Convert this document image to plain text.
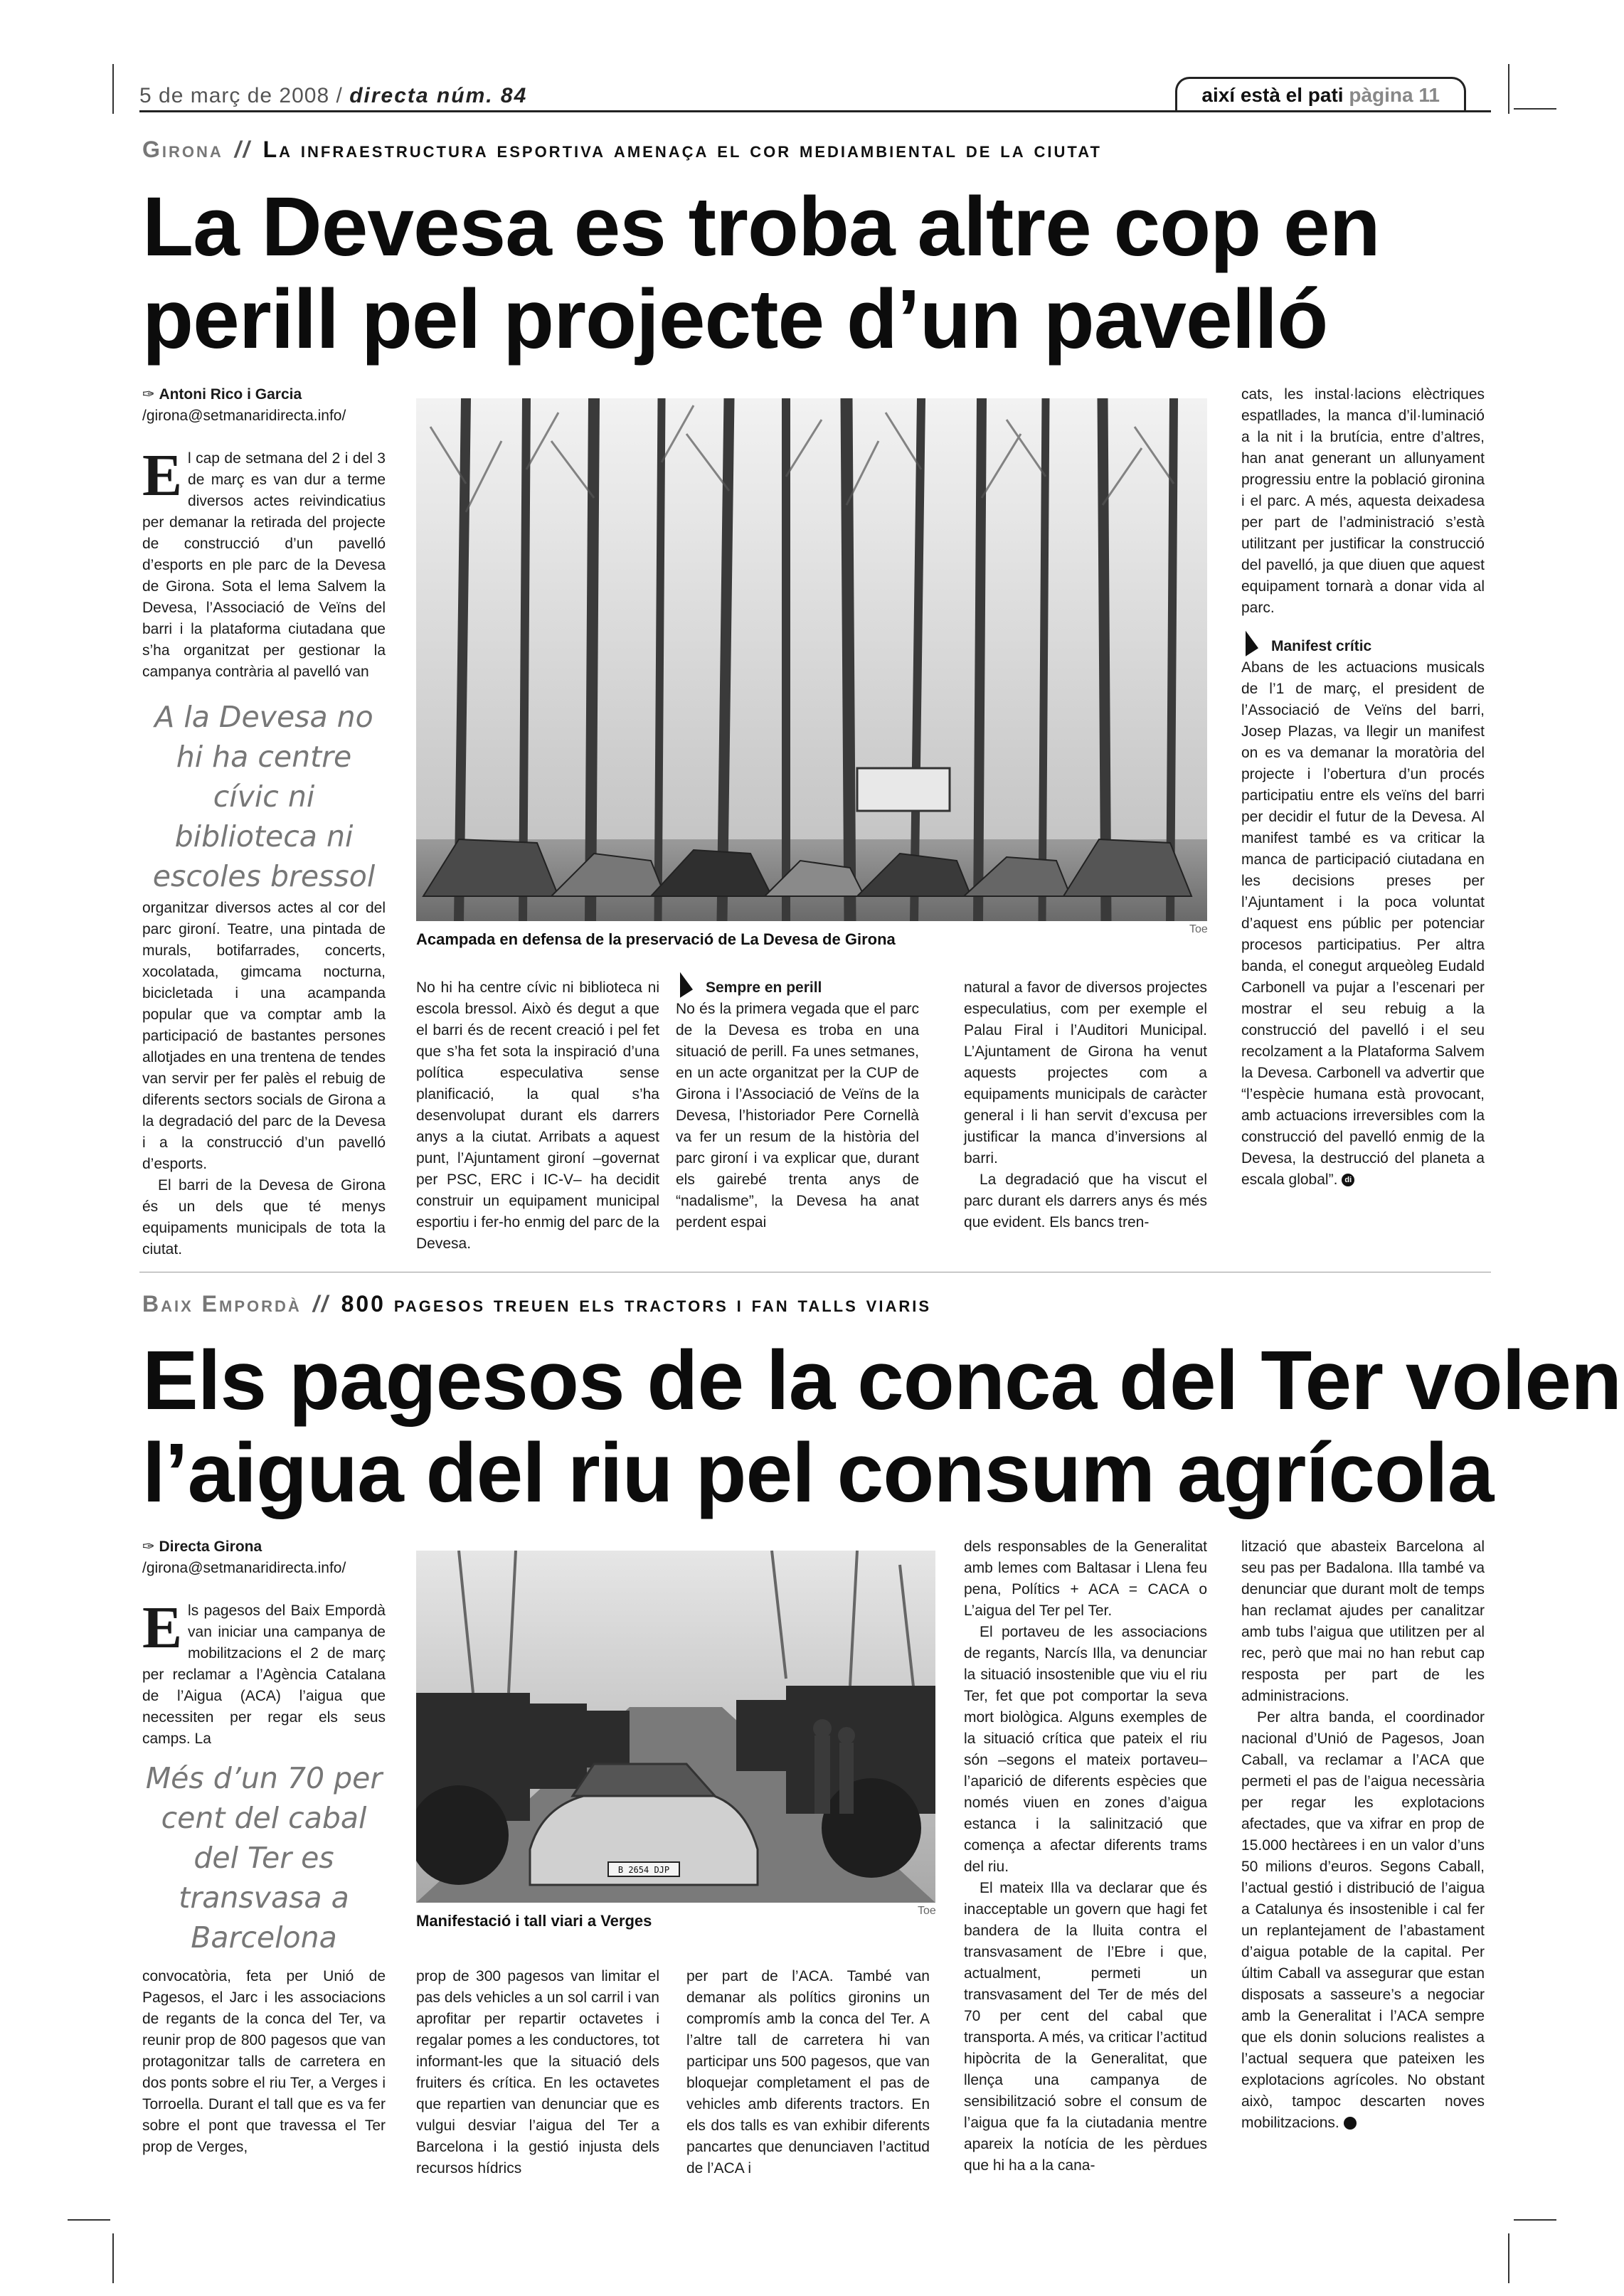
5 de març de 2008 / directa núm. 84	així està el pati pàgina 11
Girona // La infraestructura esportiva amenaça el cor mediambiental de la ciutat
La Devesa es troba altre cop en
perill pel projecte d’un pavelló
✑ Antoni Rico i Garcia
/girona@setmanaridirecta.info/

El cap de setmana del 2 i del 3 de març es van dur a terme diversos actes reivindicatius per demanar la retirada del projecte de construcció d’un pavelló d’esports en ple parc de la Devesa de Girona. Sota el lema Salvem la Devesa, l’Associació de Veïns del barri i la plataforma ciutadana que s’ha organitzat per gestionar la campanya contrària al pavelló van

A la Devesa no hi ha centre cívic ni biblioteca ni escoles bressol

organitzar diversos actes al cor del parc gironí. Teatre, una pintada de murals, botifarrades, concerts, xocolatada, gimcama nocturna, bicicletada i una acampanda popular que va comptar amb la participació de bastantes persones allotjades en una trentena de tendes van servir per fer palès el rebuig de diferents sectors socials de Girona a la degradació del parc de la Devesa i a la construcció d’un pavelló d’esports.

El barri de la Devesa de Girona és un dels que té menys equipaments municipals de tota la ciutat.

Acampada en defensa de la preservació de La Devesa de Girona
Toe

No hi ha centre cívic ni biblioteca ni escola bressol. Això és degut a que el barri és de recent creació i pel fet que s’ha fet sota la inspiració d’una política especulativa sense planificació, la qual s’ha desenvolupat durant els darrers anys a la ciutat. Arribats a aquest punt, l’Ajuntament gironí –governat per PSC, ERC i IC-V– ha decidit construir un equipament municipal esportiu i fer-ho enmig del parc de la Devesa.

Sempre en perill

No és la primera vegada que el parc de la Devesa es troba en una situació de perill. Fa unes setmanes, en un acte organitzat per la CUP de Girona i l’Associació de Veïns de la Devesa, l’historiador Pere Cornellà va fer un resum de la història del parc gironí i va explicar que, durant els gairebé trenta anys de “nadalisme”, la Devesa ha anat perdent espai

natural a favor de diversos projectes especulatius, com per exemple el Palau Firal i l’Auditori Municipal. L’Ajuntament de Girona ha venut aquests projectes com a equipaments municipals de caràcter general i li han servit d’excusa per justificar la manca d’inversions al barri.

La degradació que ha viscut el parc durant els darrers anys és més que evident. Els bancs tren-

cats, les instal·lacions elèctriques espatllades, la manca d’il·luminació a la nit i la brutícia, entre d’altres, han anat generant un allunyament progressiu entre la població gironina i el parc. A més, aquesta deixadesa per part de l’administració s’està utilitzant per justificar la construcció del pavelló, ja que diuen que aquest equipament tornarà a donar vida al parc.

Manifest crític

Abans de les actuacions musicals de l’1 de març, el president de l’Associació de Veïns del barri, Josep Plazas, va llegir un manifest on es va demanar la moratòria del projecte i l’obertura d’un procés participatiu entre els veïns del barri per decidir el futur de la Devesa. Al manifest també es va criticar la manca de participació ciutadana en les decisions preses per l’Ajuntament i la poca voluntat d’aquest ens públic per potenciar procesos participatius. Per altra banda, el conegut arqueòleg Eudald Carbonell va pujar a l’escenari per mostrar el seu rebuig a la construcció del pavelló i el seu recolzament a la Plataforma Salvem la Devesa. Carbonell va advertir que “l’espècie humana està provocant, amb actuacions irreversibles com la construcció del pavelló enmig de la Devesa, la destrucció del planeta a escala global”. di

Baix Empordà // 800 pagesos treuen els tractors i fan talls viaris
Els pagesos de la conca del Ter volen
l’aigua del riu pel consum agrícola
✑ Directa Girona
/girona@setmanaridirecta.info/

Els pagesos del Baix Empordà van iniciar una campanya de mobilitzacions el 2 de març per reclamar a l’Agència Catalana de l’Aigua (ACA) l’aigua que necessiten per regar els seus camps. La

Més d’un 70 per cent del cabal del Ter es transvasa a Barcelona

convocatòria, feta per Unió de Pagesos, el Jarc i les associacions de regants de la conca del Ter, va reunir prop de 800 pagesos que van protagonitzar talls de carretera en dos ponts sobre el riu Ter, a Verges i Torroella. Durant el tall que es va fer sobre el pont que travessa el Ter prop de Verges,

B 2654 DJP
Manifestació i tall viari a Verges
Toe

prop de 300 pagesos van limitar el pas dels vehicles a un sol carril i van aprofitar per repartir octavetes i regalar pomes a les conductores, tot informant-les que la situació dels fruiters és crítica. En les octavetes que repartien van denunciar que es vulgui desviar l’aigua del Ter a Barcelona i la gestió injusta dels recursos hídrics

per part de l’ACA. També van demanar als polítics gironins un compromís amb la conca del Ter. A l’altre tall de carretera hi van participar uns 500 pagesos, que van bloquejar completament el pas de vehicles amb diferents tractors. En els dos talls es van exhibir diferents pancartes que denunciaven l’actitud de l’ACA i

dels responsables de la Generalitat amb lemes com Baltasar i Llena feu pena, Polítics + ACA = CACA o L’aigua del Ter pel Ter.

El portaveu de les associacions de regants, Narcís Illa, va denunciar la situació insostenible que viu el riu Ter, fet que pot comportar la seva mort biològica. Alguns exemples de la situació crítica que pateix el riu són –segons el mateix portaveu– l’aparició de diferents espècies que només viuen en zones d’aigua estanca i la salinització que comença a afectar diferents trams del riu.

El mateix Illa va declarar que és inacceptable un govern que hagi fet bandera de la lluita contra el transvasament de l’Ebre i que, actualment, permeti un transvasament del Ter de més del 70 per cent del cabal que transporta. A més, va criticar l’actitud hipòcrita de la Generalitat, que llença una campanya de sensibilització sobre el consum de l’aigua que fa la ciutadania mentre apareix la notícia de les pèrdues que hi ha a la cana-

lització que abasteix Barcelona al seu pas per Badalona. Illa també va denunciar que durant molt de temps han reclamat ajudes per canalitzar amb tubs l’aigua que utilitzen per al rec, però que mai no han rebut cap resposta per part de les administracions.

Per altra banda, el coordinador nacional d’Unió de Pagesos, Joan Caball, va reclamar a l’ACA que permeti el pas de l’aigua necessària per regar les explotacions afectades, que va xifrar en prop de 15.000 hectàrees i en un valor d’uns 50 milions d’euros. Segons Caball, l’actual gestió i distribució de l’aigua a Catalunya és insostenible i cal fer un replantejament de l’abastament d’aigua potable de la capital. Per últim Caball va assegurar que estan disposats a sasseure’s a negociar amb la Generalitat i l’ACA sempre que els donin solucions realistes a l’actual sequera que pateixen les explotacions agrícoles. No obstant això, tampoc descarten noves mobilitzacions.	di
